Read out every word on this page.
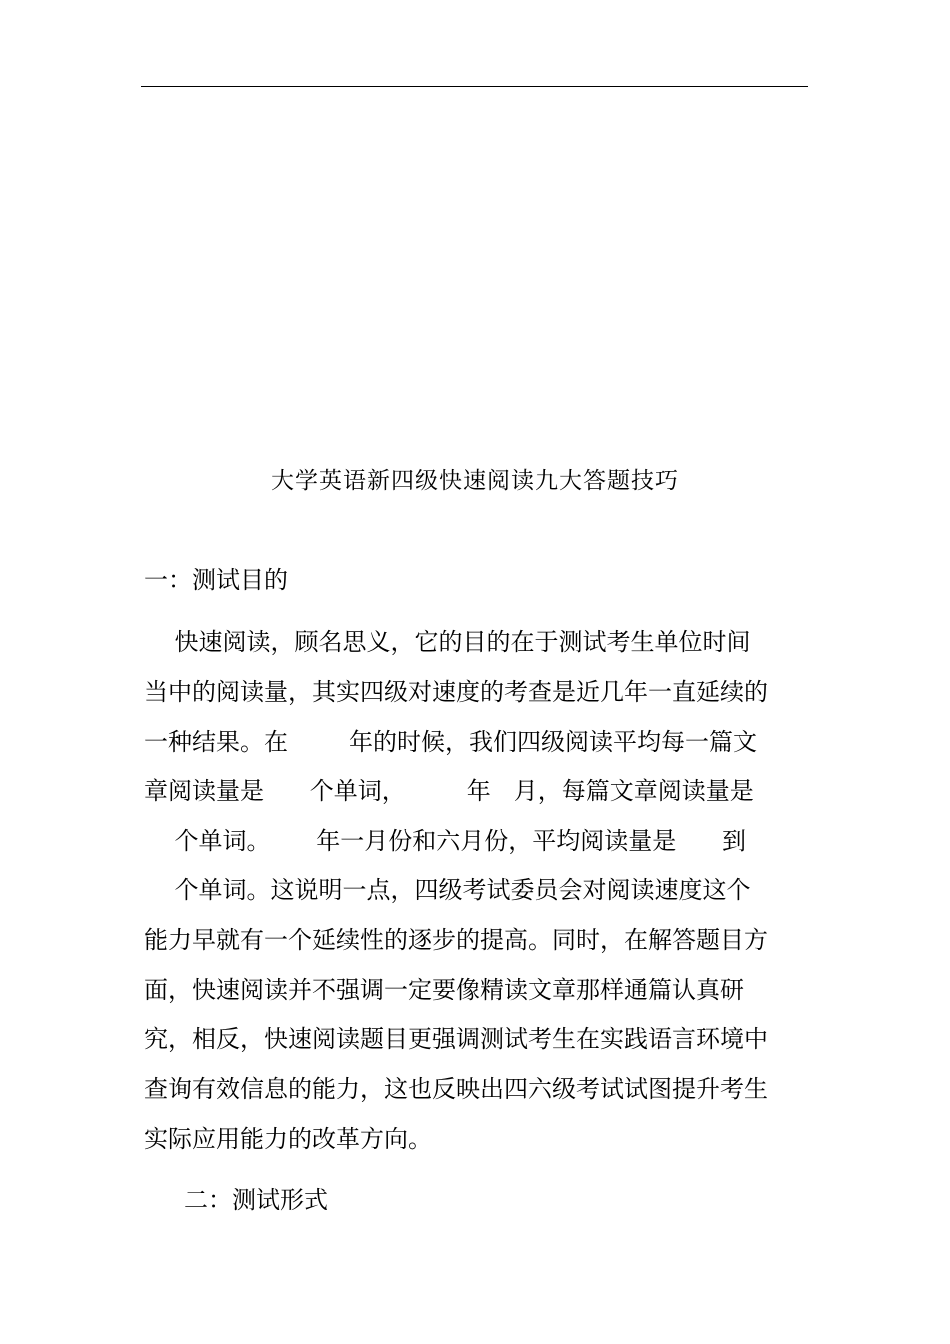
大学英语新四级快速阅读九大答题技巧
一：测试目的
快速阅读，顾名思义，它的目的在于测试考生单位时间
当中的阅读量，其实四级对速度的考查是近几年一直延续的
一种结果。在        年的时候，我们四级阅读平均每一篇文
章阅读量是      个单词，        年   月，每篇文章阅读量是
个单词。      年一月份和六月份，平均阅读量是      到
个单词。这说明一点，四级考试委员会对阅读速度这个
能力早就有一个延续性的逐步的提高。同时，在解答题目方
面，快速阅读并不强调一定要像精读文章那样通篇认真研
究，相反，快速阅读题目更强调测试考生在实践语言环境中
查询有效信息的能力，这也反映出四六级考试试图提升考生
实际应用能力的改革方向。
二：测试形式
